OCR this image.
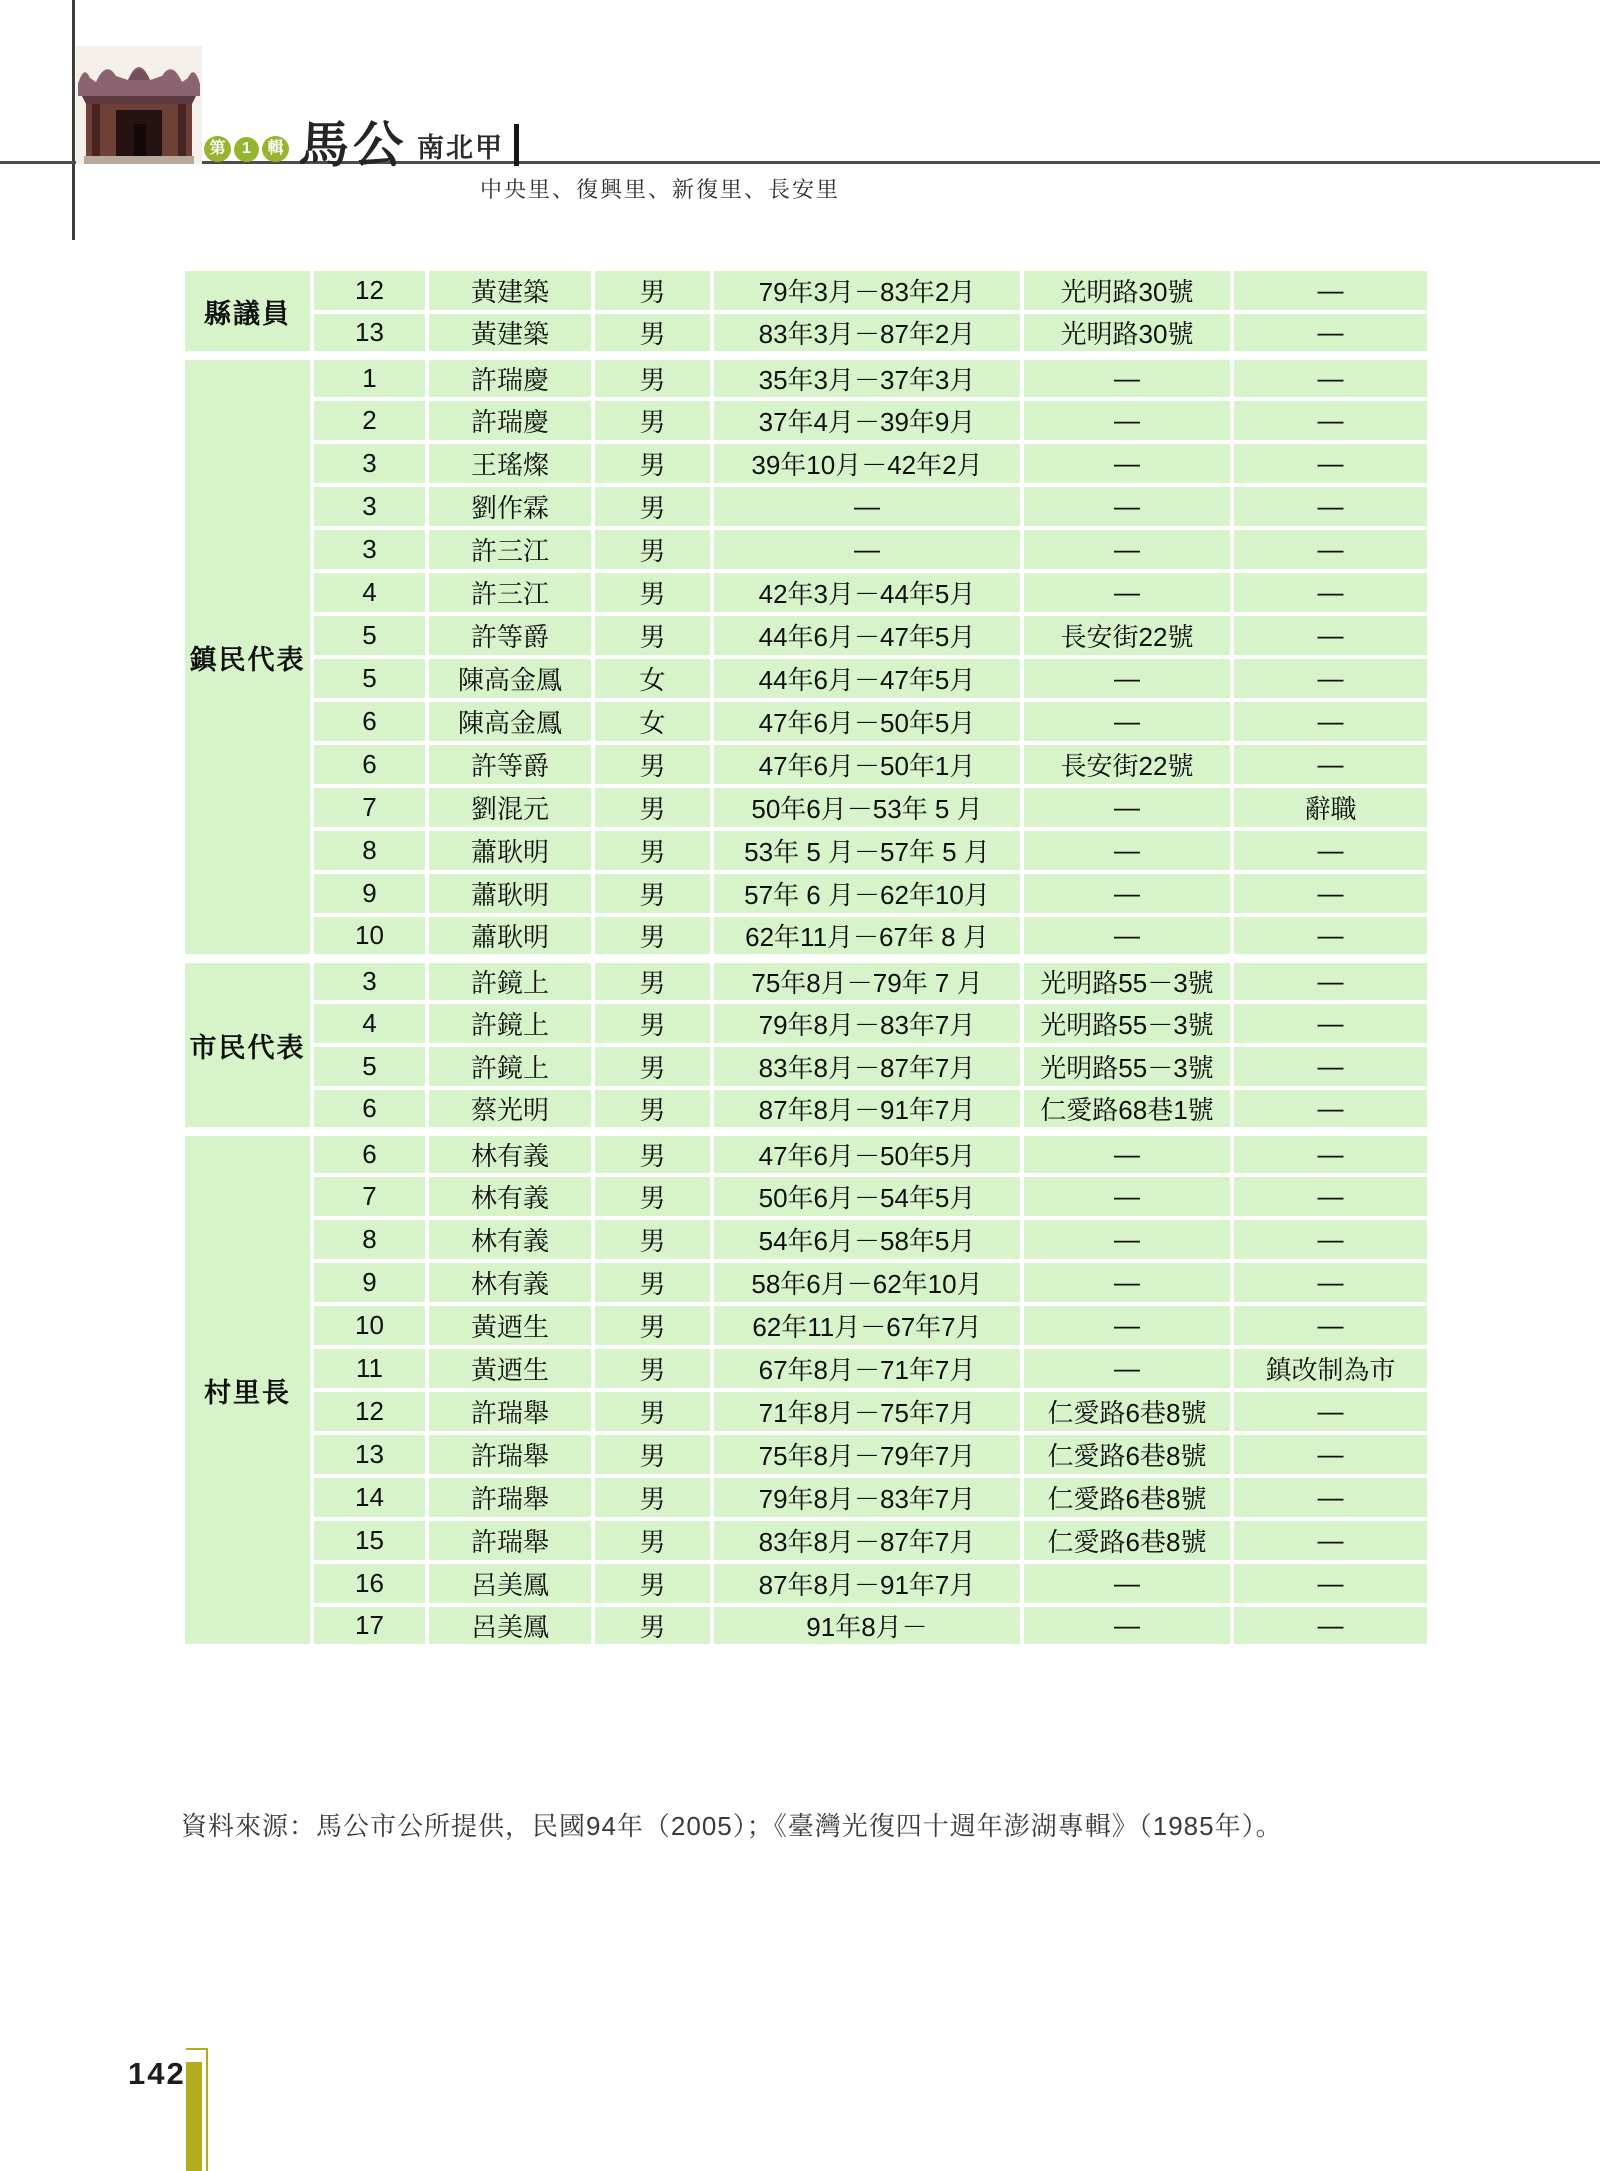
第	1	輯 馬公 南北甲
中央里、復興里、新復里、長安里
縣議員	12	黃建築	男	79年3月－83年2月	光明路30號	—
	13	黃建築	男	83年3月－87年2月	光明路30號	—
鎮民代表	1	許瑞慶	男	35年3月－37年3月	—	—
	2	許瑞慶	男	37年4月－39年9月	—	—
	3	王瑤燦	男	39年10月－42年2月	—	—
	3	劉作霖	男	—	—	—
	3	許三江	男	—	—	—
	4	許三江	男	42年3月－44年5月	—	—
	5	許等爵	男	44年6月－47年5月	長安街22號	—
	5	陳高金鳳	女	44年6月－47年5月	—	—
	6	陳高金鳳	女	47年6月－50年5月	—	—
	6	許等爵	男	47年6月－50年1月	長安街22號	—
	7	劉混元	男	50年6月－53年 5 月	—	辭職
	8	蕭耿明	男	53年 5 月－57年 5 月	—	—
	9	蕭耿明	男	57年 6 月－62年10月	—	—
	10	蕭耿明	男	62年11月－67年 8 月	—	—
市民代表	3	許鏡上	男	75年8月－79年 7 月	光明路55－3號	—
	4	許鏡上	男	79年8月－83年7月	光明路55－3號	—
	5	許鏡上	男	83年8月－87年7月	光明路55－3號	—
	6	蔡光明	男	87年8月－91年7月	仁愛路68巷1號	—
村里長	6	林有義	男	47年6月－50年5月	—	—
	7	林有義	男	50年6月－54年5月	—	—
	8	林有義	男	54年6月－58年5月	—	—
	9	林有義	男	58年6月－62年10月	—	—
	10	黃迺生	男	62年11月－67年7月	—	—
	11	黃迺生	男	67年8月－71年7月	—	鎮改制為市
	12	許瑞舉	男	71年8月－75年7月	仁愛路6巷8號	—
	13	許瑞舉	男	75年8月－79年7月	仁愛路6巷8號	—
	14	許瑞舉	男	79年8月－83年7月	仁愛路6巷8號	—
	15	許瑞舉	男	83年8月－87年7月	仁愛路6巷8號	—
	16	呂美鳳	男	87年8月－91年7月	—	—
	17	呂美鳳	男	91年8月－	—	—
資料來源：馬公市公所提供，民國94年（2005）；《臺灣光復四十週年澎湖專輯》（1985年）。
142
